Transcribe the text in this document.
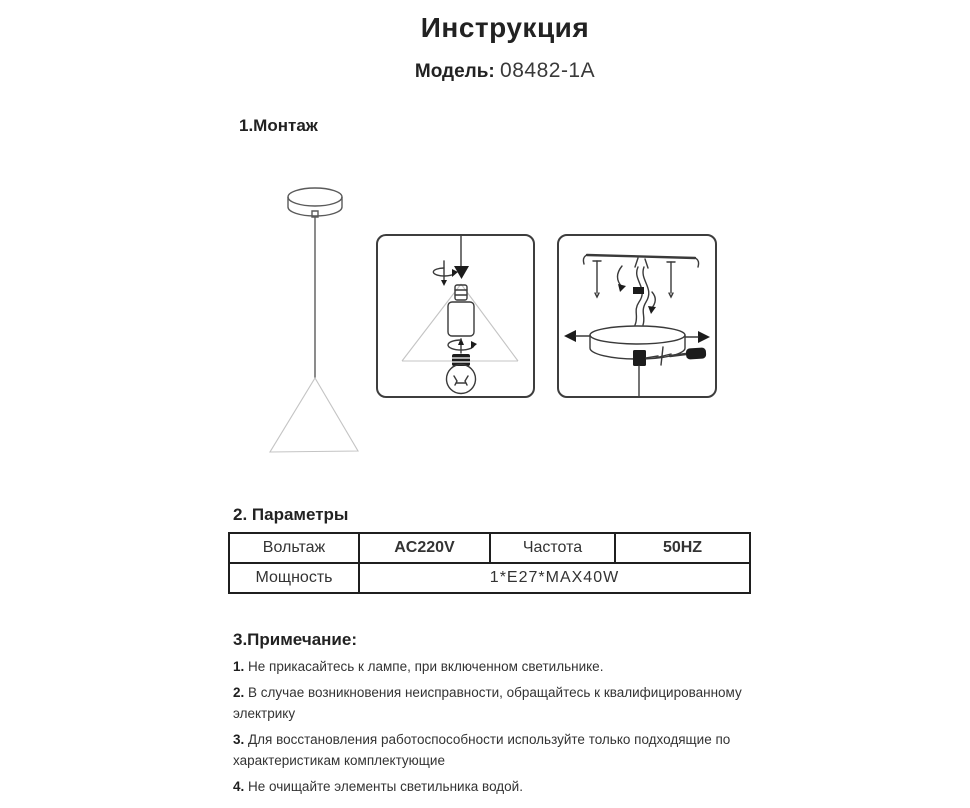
Инструкция
Модель: 08482-1A
1.Монтаж
2. Параметры
Вольтаж	AC220V	Частота	50HZ
Мощность	1*E27*MAX40W		
3.Примечание:
1. Не прикасайтесь к лампе, при включенном светильнике.
2. В случае возникновения неисправности, обращайтесь к квалифицированному
электрику
3. Для восстановления работоспособности используйте только подходящие по
характеристикам комплектующие
4. Не очищайте элементы светильника водой.
